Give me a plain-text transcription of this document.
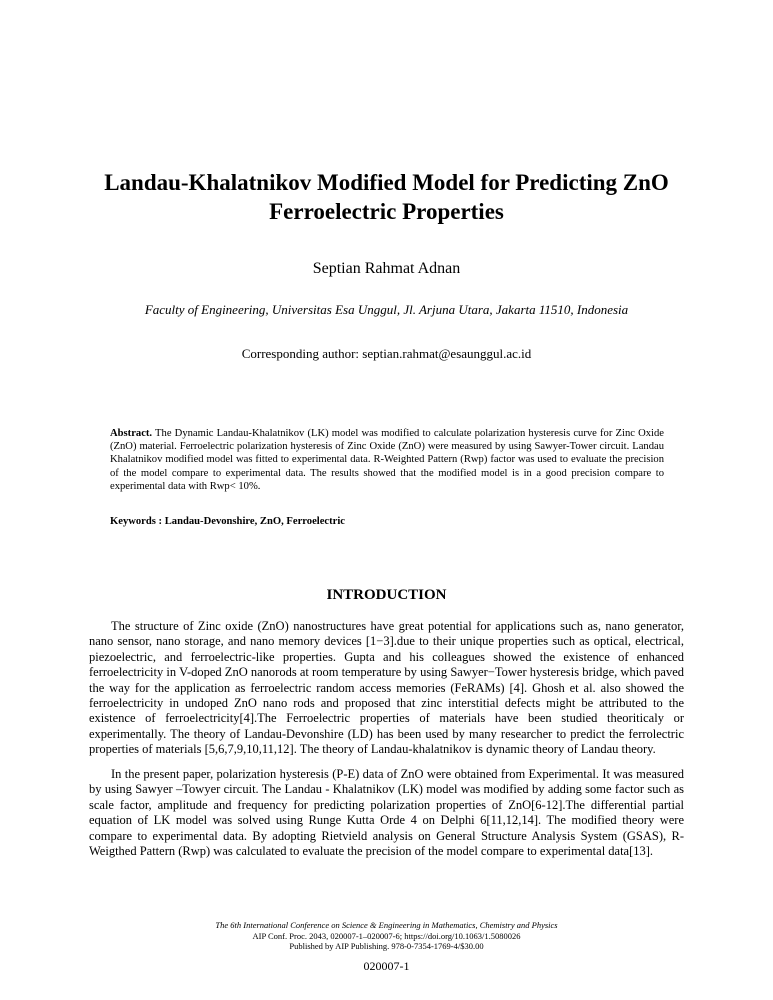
Landau-Khalatnikov Modified Model for Predicting ZnO Ferroelectric Properties
Septian Rahmat Adnan
Faculty of Engineering, Universitas Esa Unggul, Jl. Arjuna Utara, Jakarta 11510, Indonesia
Corresponding author: septian.rahmat@esaunggul.ac.id
Abstract. The Dynamic Landau-Khalatnikov (LK) model was modified to calculate polarization hysteresis curve for Zinc Oxide (ZnO) material. Ferroelectric polarization hysteresis of Zinc Oxide (ZnO) were measured by using Sawyer-Tower circuit. Landau Khalatnikov modified model was fitted to experimental data. R-Weighted Pattern (Rwp) factor was used to evaluate the precision of the model compare to experimental data. The results showed that the modified model is in a good precision compare to experimental data with Rwp< 10%.
Keywords : Landau-Devonshire, ZnO, Ferroelectric
INTRODUCTION

The structure of Zinc oxide (ZnO) nanostructures have great potential for applications such as, nano generator, nano sensor, nano storage, and nano memory devices [1−3].due to their unique properties such as optical, electrical, piezoelectric, and ferroelectric-like properties. Gupta and his colleagues showed the existence of enhanced ferroelectricity in V-doped ZnO nanorods at room temperature by using Sawyer−Tower hysteresis bridge, which paved the way for the application as ferroelectric random access memories (FeRAMs) [4]. Ghosh et al. also showed the ferroelectricity in undoped ZnO nano rods and proposed that zinc interstitial defects might be attributed to the existence of ferroelectricity[4].The Ferroelectric properties of materials have been studied theoriticaly or experimentally. The theory of Landau-Devonshire (LD) has been used by many researcher to predict the ferrolectric properties of materials [5,6,7,9,10,11,12]. The theory of Landau-khalatnikov is dynamic theory of Landau theory.

In the present paper, polarization hysteresis (P-E) data of ZnO were obtained from Experimental. It was measured by using Sawyer –Towyer circuit. The Landau - Khalatnikov (LK) model was modified by adding some factor such as scale factor, amplitude and frequency for predicting polarization properties of ZnO[6-12].The differential partial equation of LK model was solved using Runge Kutta Orde 4 on Delphi 6[11,12,14]. The modified theory were compare to experimental data. By adopting Rietvield analysis on General Structure Analysis System (GSAS), R-Weigthed Pattern (Rwp) was calculated to evaluate the precision of the model compare to experimental data[13].

The 6th International Conference on Science & Engineering in Mathematics, Chemistry and Physics
AIP Conf. Proc. 2043, 020007-1–020007-6; https://doi.org/10.1063/1.5080026
Published by AIP Publishing. 978-0-7354-1769-4/$30.00
020007-1
